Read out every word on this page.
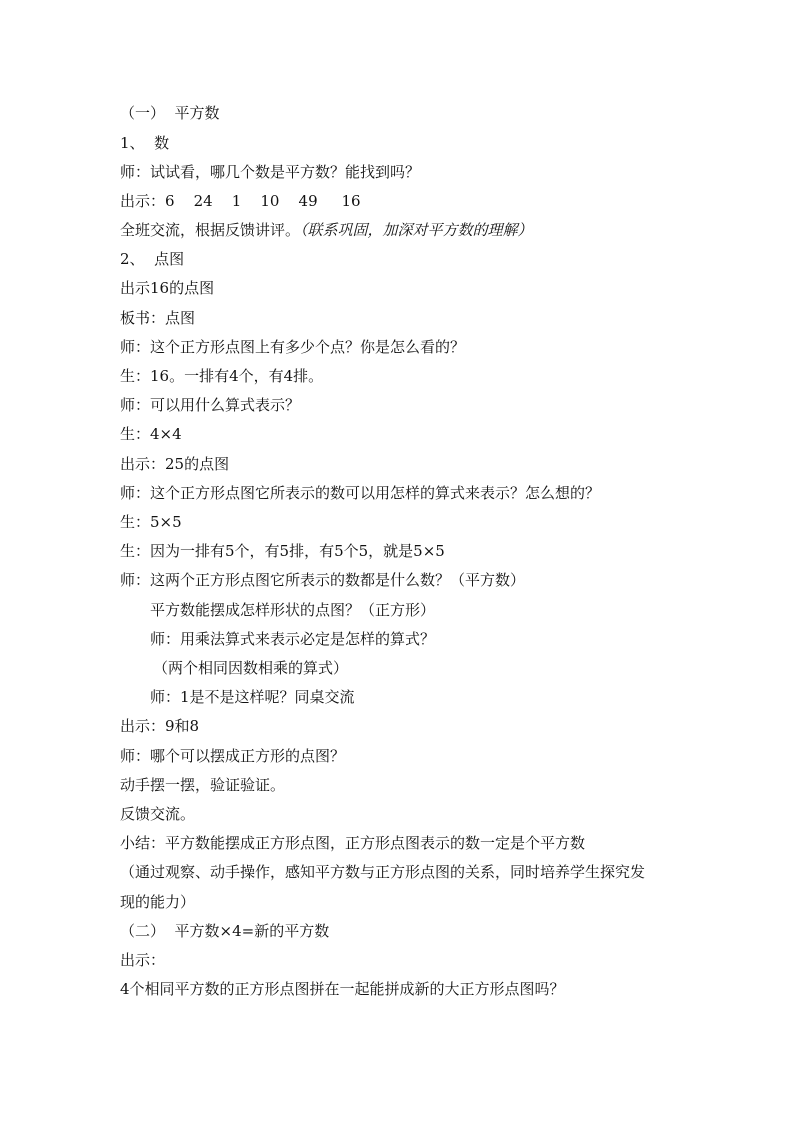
（一）  平方数
1、  数
师：试试看，哪几个数是平方数？能找到吗？
出示：6    24    1    10    49     16
全班交流，根据反馈讲评。（联系巩固，加深对平方数的理解）
2、  点图
出示16的点图
板书：点图
师：这个正方形点图上有多少个点？你是怎么看的？
生：16。一排有4个，有4排。
师：可以用什么算式表示？
生：4×4
出示：25的点图
师：这个正方形点图它所表示的数可以用怎样的算式来表示？怎么想的？
生：5×5
生：因为一排有5个，有5排，有5个5，就是5×5
师：这两个正方形点图它所表示的数都是什么数？（平方数）
平方数能摆成怎样形状的点图？（正方形）
师：用乘法算式来表示必定是怎样的算式？
（两个相同因数相乘的算式）
师：1是不是这样呢？同桌交流
出示：9和8
师：哪个可以摆成正方形的点图？
动手摆一摆，验证验证。
反馈交流。
小结：平方数能摆成正方形点图，正方形点图表示的数一定是个平方数
（通过观察、动手操作，感知平方数与正方形点图的关系，同时培养学生探究发
现的能力）
（二）  平方数×4=新的平方数
出示：
4个相同平方数的正方形点图拼在一起能拼成新的大正方形点图吗？
